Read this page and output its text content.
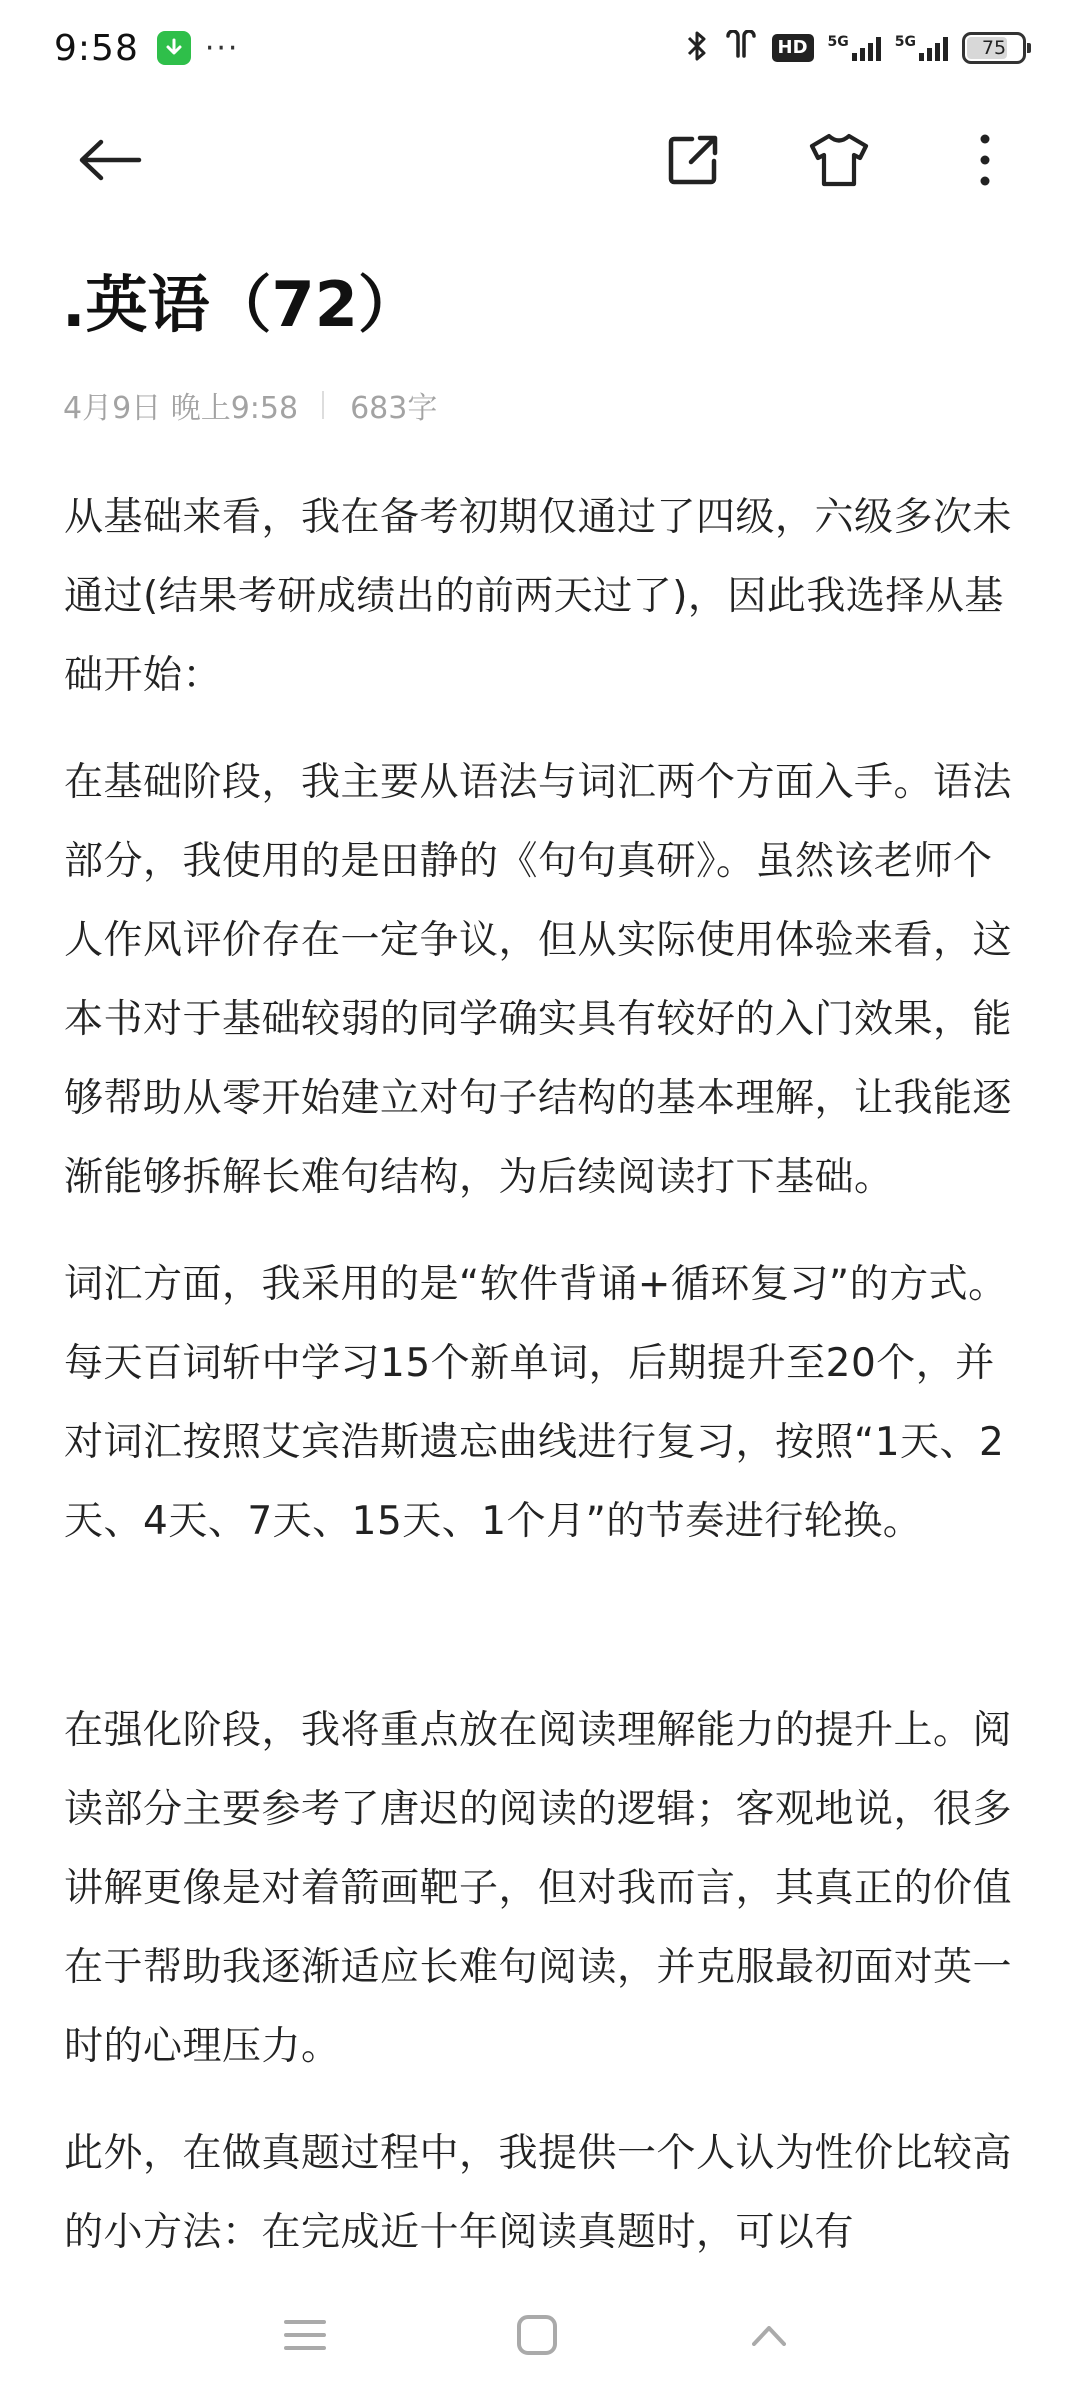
9:58 ···	HD	5G	5G	75
.英语（72）
4月9日 晚上9:58 683字

从基础来看，我在备考初期仅通过了四级，六级多次未通过(结果考研成绩出的前两天过了)，因此我选择从基础开始：

在基础阶段，我主要从语法与词汇两个方面入手。语法部分，我使用的是田静的《句句真研》。虽然该老师个人作风评价存在一定争议，但从实际使用体验来看，这本书对于基础较弱的同学确实具有较好的入门效果，能够帮助从零开始建立对句子结构的基本理解，让我能逐渐能够拆解长难句结构，为后续阅读打下基础。

词汇方面，我采用的是“软件背诵+循环复习”的方式。每天百词斩中学习15个新单词，后期提升至20个，并对词汇按照艾宾浩斯遗忘曲线进行复习，按照“1天、2天、4天、7天、15天、1个月”的节奏进行轮换。

在强化阶段，我将重点放在阅读理解能力的提升上。阅读部分主要参考了唐迟的阅读的逻辑；客观地说，很多讲解更像是对着箭画靶子，但对我而言，其真正的价值在于帮助我逐渐适应长难句阅读，并克服最初面对英一时的心理压力。

此外，在做真题过程中，我提供一个人认为性价比较高的小方法：在完成近十年阅读真题时，可以有
